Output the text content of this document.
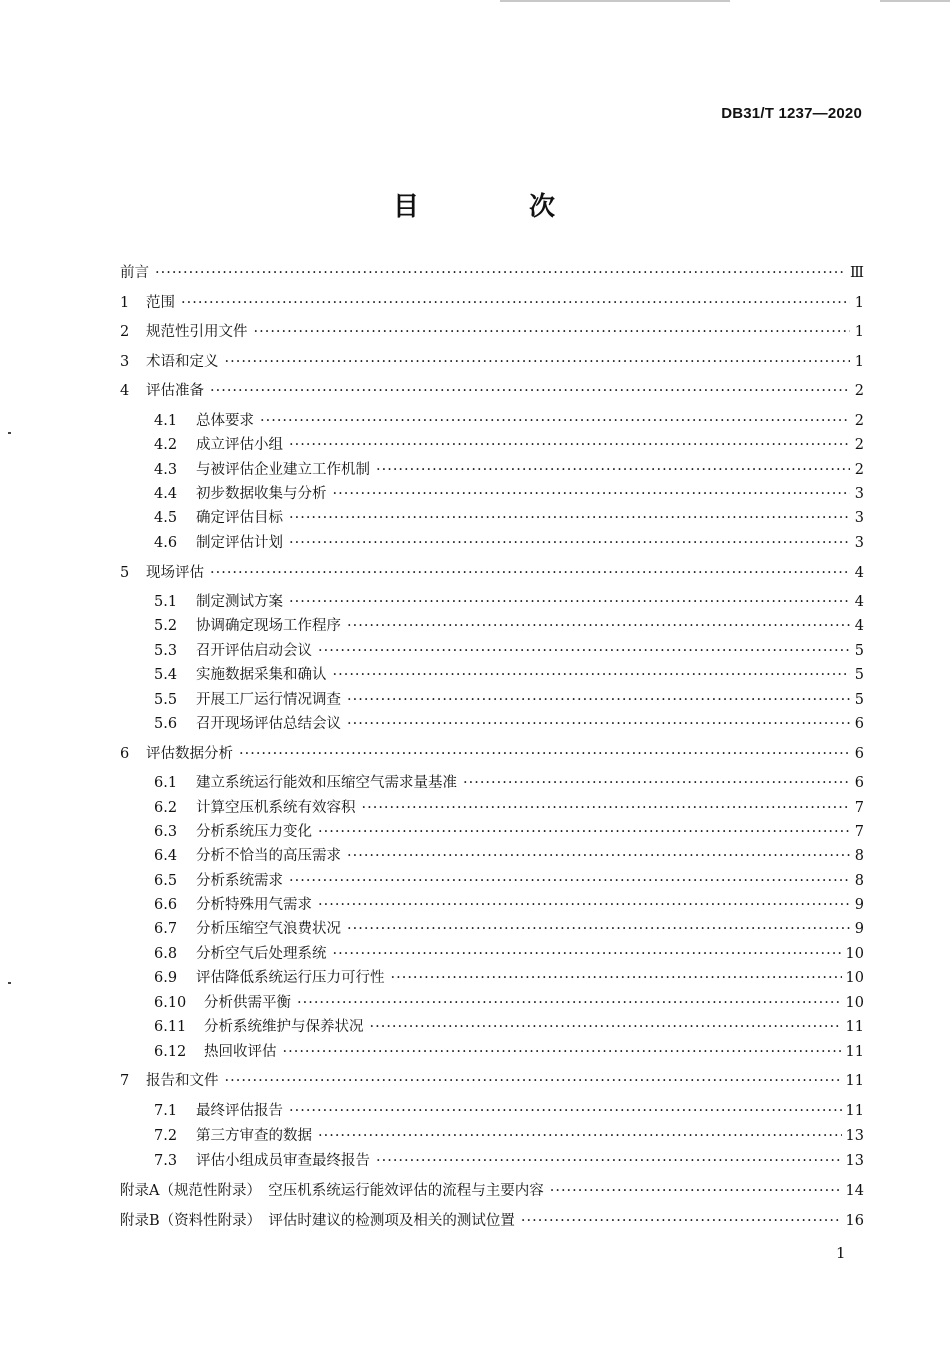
DB31/T 1237—2020
目　次
前言 ·····	Ⅲ
1	范围 ·····	1
2	规范性引用文件 ·····	1
3	术语和定义 ·····	1
4	评估准备 ·····	2
4.1	总体要求 ·····	2
4.2	成立评估小组 ·····	2
4.3	与被评估企业建立工作机制 ·····	2
4.4	初步数据收集与分析 ·····	3
4.5	确定评估目标 ·····	3
4.6	制定评估计划 ·····	3
5	现场评估 ·····	4
5.1	制定测试方案 ·····	4
5.2	协调确定现场工作程序 ·····	4
5.3	召开评估启动会议 ·····	5
5.4	实施数据采集和确认 ·····	5
5.5	开展工厂运行情况调查 ·····	5
5.6	召开现场评估总结会议 ·····	6
6	评估数据分析 ·····	6
6.1	建立系统运行能效和压缩空气需求量基准 ·····	6
6.2	计算空压机系统有效容积 ·····	7
6.3	分析系统压力变化 ·····	7
6.4	分析不恰当的高压需求 ·····	8
6.5	分析系统需求 ·····	8
6.6	分析特殊用气需求 ·····	9
6.7	分析压缩空气浪费状况 ·····	9
6.8	分析空气后处理系统 ·····	10
6.9	评估降低系统运行压力可行性 ·····	10
6.10	分析供需平衡 ·····	10
6.11	分析系统维护与保养状况 ·····	11
6.12	热回收评估 ·····	11
7	报告和文件 ·····	11
7.1	最终评估报告 ·····	11
7.2	第三方审查的数据 ·····	13
7.3	评估小组成员审查最终报告 ·····	13
附录A（规范性附录）　空压机系统运行能效评估的流程与主要内容 ·····	14
附录B（资料性附录）　评估时建议的检测项及相关的测试位置 ·····	16
1
